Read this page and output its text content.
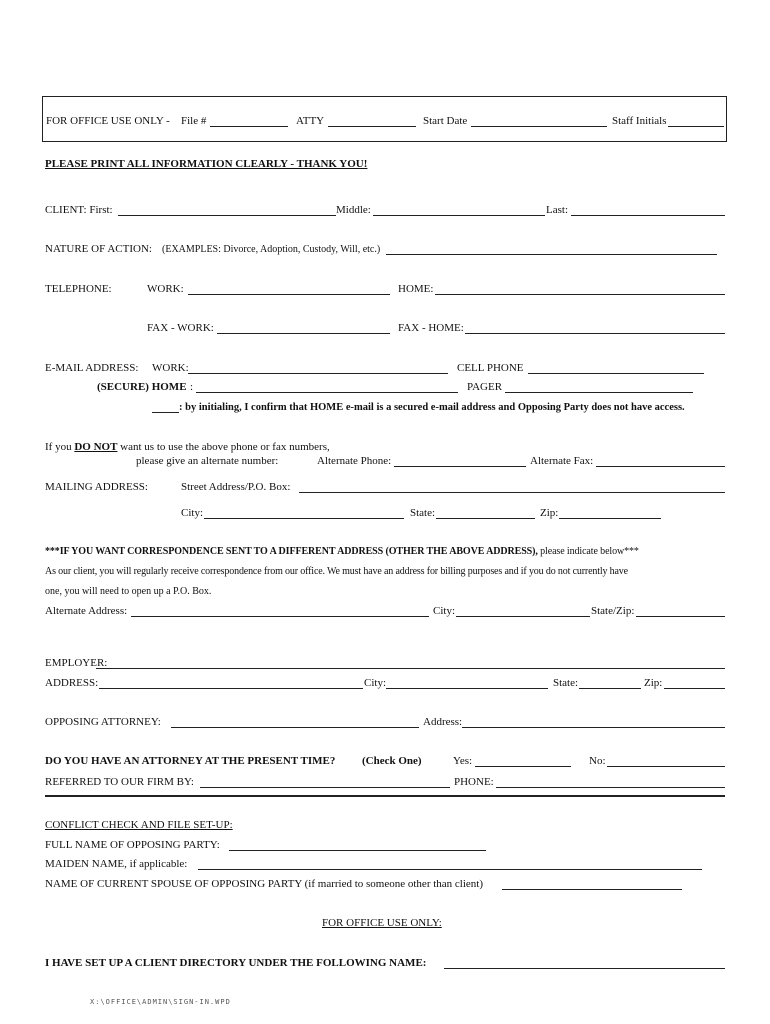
FOR OFFICE USE ONLY - File #	ATTY	Start Date	Staff Initials
PLEASE PRINT ALL INFORMATION CLEARLY - THANK YOU!
CLIENT: First:	Middle:	Last:
NATURE OF ACTION: (EXAMPLES: Divorce, Adoption, Custody, Will, etc.)
TELEPHONE:	WORK:	HOME:
FAX - WORK:	FAX - HOME:
E-MAIL ADDRESS: WORK:	CELL PHONE
(SECURE) HOME :	PAGER
: by initialing, I confirm that HOME e-mail is a secured e-mail address and Opposing Party does not have access.
If you DO NOT want us to use the above phone or fax numbers,
please give an alternate number:	Alternate Phone:	Alternate Fax:
MAILING ADDRESS:	Street Address/P.O. Box:
City:	State:	Zip:
***IF YOU WANT CORRESPONDENCE SENT TO A DIFFERENT ADDRESS (OTHER THE ABOVE ADDRESS), please indicate below***
As our client, you will regularly receive correspondence from our office. We must have an address for billing purposes and if you do not currently have
one, you will need to open up a P.O. Box.
Alternate Address:	City:	State/Zip:
EMPLOYER:
ADDRESS:	City:	State:	Zip:
OPPOSING ATTORNEY:	Address:
DO YOU HAVE AN ATTORNEY AT THE PRESENT TIME? (Check One)	Yes:	No:
REFERRED TO OUR FIRM BY:	PHONE:
CONFLICT CHECK AND FILE SET-UP:
FULL NAME OF OPPOSING PARTY:
MAIDEN NAME, if applicable:
NAME OF CURRENT SPOUSE OF OPPOSING PARTY (if married to someone other than client)
FOR OFFICE USE ONLY:
I HAVE SET UP A CLIENT DIRECTORY UNDER THE FOLLOWING NAME:
X:\OFFICE\ADMIN\SIGN-IN.WPD
